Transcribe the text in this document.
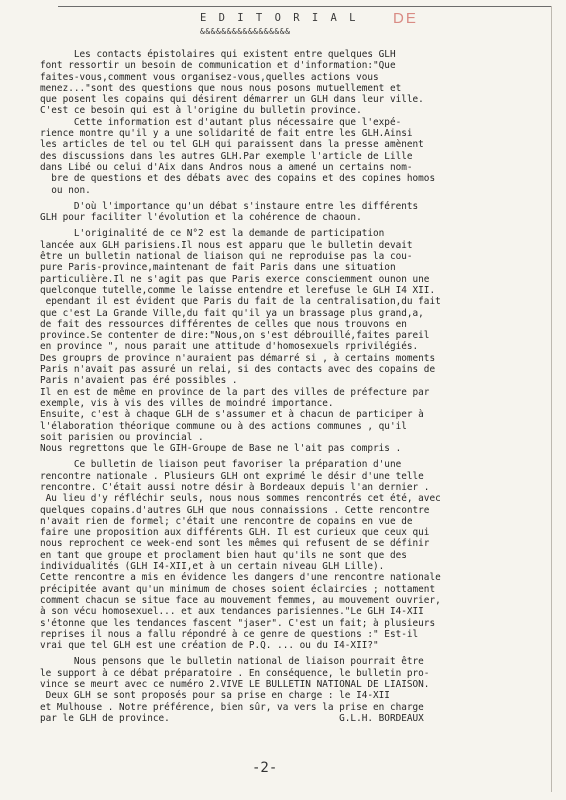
DE
E D I T O R I A L
&&&&&&&&&&&&&&&&&
Les contacts épistolaires qui existent entre quelques GLH
font ressortir un besoin de communication et d'information:"Que
faites-vous,comment vous organisez-vous,quelles actions vous
menez..."sont des questions que nous nous posons mutuellement et
que posent les copains qui désirent démarrer un GLH dans leur ville.
C'est ce besoin qui est à l'origine du bulletin province.
Cette information est d'autant plus nécessaire que l'expé-
rience montre qu'il y a une solidarité de fait entre les GLH.Ainsi
les articles de tel ou tel GLH qui paraissent dans la presse amènent
des discussions dans les autres GLH.Par exemple l'article de Lille
dans Libé ou celui d'Aix dans Andros nous a amené un certains nom-
bre de questions et des débats avec des copains et des copines homos
ou non.
D'où l'importance qu'un débat s'instaure entre les différents
GLH pour faciliter l'évolution et la cohérence de chaoun.
L'originalité de ce N°2 est la demande de participation
lancée aux GLH parisiens.Il nous est apparu que le bulletin devait
être un bulletin national de liaison qui ne reproduise pas la cou-
pure Paris-province,maintenant de fait Paris dans une situation
particulière.Il ne s'agit pas que Paris exerce consciemment ounon une
quelconque tutelle,comme le laisse entendre et lerefuse le GLH I4 XII.
ependant il est évident que Paris du fait de la centralisation,du fait
que c'est La Grande Ville,du fait qu'il ya un brassage plus grand,a,
de fait des ressources différentes de celles que nous trouvons en
province.Se contenter de dire:"Nous,on s'est débrouillé,faites pareil
en province ", nous parait une attitude d'homosexuels rprivilégiés.
Des grouprs de province n'auraient pas démarré si , à certains moments
Paris n'avait pas assuré un relai, si des contacts avec des copains de
Paris n'avaient pas éré possibles .
Il en est de même en province de la part des villes de préfecture par
exemple, vis à vis des villes de moindré importance.
Ensuite, c'est à chaque GLH de s'assumer et à chacun de participer à
l'élaboration théorique commune ou à des actions communes , qu'il
soit parisien ou provincial .
Nous regrettons que le GIH-Groupe de Base ne l'ait pas compris .
Ce bulletin de liaison peut favoriser la préparation d'une
rencontre nationale . Plusieurs GLH ont exprimé le désir d'une telle
rencontre. C'était aussi notre désir à Bordeaux depuis l'an dernier .
Au lieu d'y réfléchir seuls, nous nous sommes rencontrés cet été, avec
quelques copains.d'autres GLH que nous connaissions . Cette rencontre
n'avait rien de formel; c'était une rencontre de copains en vue de
faire une proposition aux différents GLH. Il est curieux que ceux qui
nous reprochent ce week-end sont les mêmes qui refusent de se définir
en tant que groupe et proclament bien haut qu'ils ne sont que des
individualités (GLH I4-XII,et à un certain niveau GLH Lille).
Cette rencontre a mis en évidence les dangers d'une rencontre nationale
précipitée avant qu'un minimum de choses soient éclaircies ; nottament
comment chacun se situe face au mouvement femmes, au mouvement ouvrier,
à son vécu homosexuel... et aux tendances parisiennes."Le GLH I4-XII
s'étonne que les tendances fascent "jaser". C'est un fait; à plusieurs
reprises il nous a fallu répondré à ce genre de questions :" Est-il
vrai que tel GLH est une création de P.Q. ... ou du I4-XII?"
Nous pensons que le bulletin national de liaison pourrait être
le support à ce débat préparatoire . En conséquence, le bulletin pro-
vince se meurt avec ce numéro 2.VIVE LE BULLETIN NATIONAL DE LIAISON.
Deux GLH se sont proposés pour sa prise en charge : le I4-XII
et Mulhouse . Notre préférence, bien sûr, va vers la prise en charge
par le GLH de province.                              G.L.H. BORDEAUX
-2-
